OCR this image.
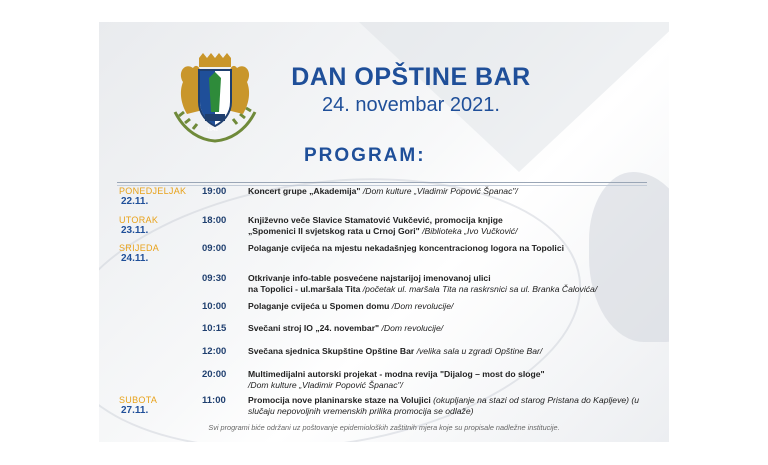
1042
DAN OPŠTINE BAR
24. novembar 2021.
PROGRAM:
PONEDJELJAK
22.11.
19:00	Koncert grupe „Akademija" /Dom kulture „Vladimir Popović Španac"/
UTORAK
23.11.
18:00	Književno veče Slavice Stamatović Vukčević, promocija knjige
„Spomenici II svjetskog rata u Crnoj Gori" /Biblioteka „Ivo Vučković/
SRIJEDA
24.11.
09:00	Polaganje cvijeća na mjestu nekadašnjeg koncentracionog logora na Topolici
09:30	Otkrivanje info-table posvećene najstarijoj imenovanoj ulici
na Topolici - ul.maršala Tita /početak ul. maršala Tita na raskrsnici sa ul. Branka Čalovića/
10:00	Polaganje cvijeća u Spomen domu /Dom revolucije/
10:15	Svečani stroj IO „24. novembar" /Dom revolucije/
12:00	Svečana sjednica Skupštine Opštine Bar /velika sala u zgradi Opštine Bar/
20:00	Multimedijalni autorski projekat - modna revija "Dijalog – most do sloge"
/Dom kulture „Vladimir Popović Španac"/
SUBOTA
27.11.
11:00	Promocija nove planinarske staze na Volujici (okupljanje na stazi od starog Pristana do Kapljeve) (u slučaju nepovoljnih vremenskih prilika promocija se odlaže)
Svi programi biće održani uz poštovanje epidemioloških zaštitnih mjera koje su propisale nadležne institucije.
